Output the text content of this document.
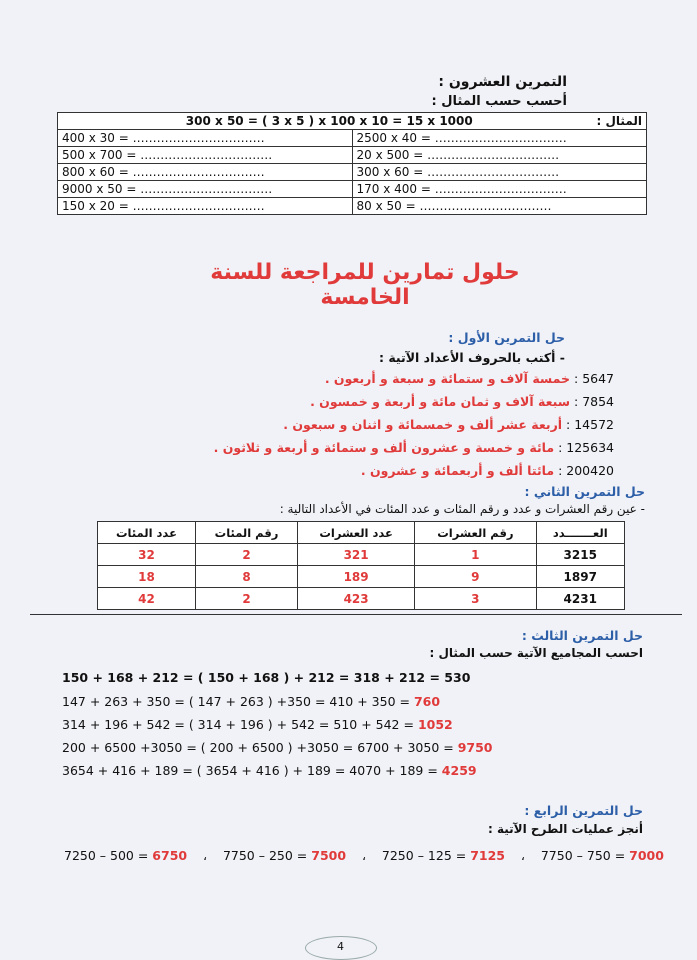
التمرين العشرون :
أحسب حسب المثال :
المثال :
300 x 50 = ( 3 x 5 ) x 100 x 10 = 15 x 1000	
400 x 30 = ……………………………	2500 x 40 = ……………………………
500 x 700 = ……………………………	20 x 500 = ……………………………
800 x 60 = ……………………………	300 x 60 = ……………………………
9000 x 50 = ……………………………	170 x 400 = ……………………………
150 x 20 = ……………………………	80 x 50 = ……………………………
حلول تمارين للمراجعة للسنة الخامسة
حل التمرين الأول :
- أكتب بالحروف الأعداد الآتية :
5647 : خمسة آلاف و ستمائة و سبعة و أربعون .
7854 : سبعة آلاف و ثمان مائة و أربعة و خمسون .
14572 : أربعة عشر ألف و خمسمائة و اثنان و سبعون .
125634 : مائة و خمسة و عشرون ألف و ستمائة و أربعة و ثلاثون .
200420 : مائتا ألف و أربعمائة و عشرون .
حل التمرين الثاني :
- عين رقم العشرات و عدد و رقم المئات و عدد المئات في الأعداد التالية :
العـــــــدد	رقم العشرات	عدد العشرات	رقم المئات	عدد المئات
3215	1	321	2	32
1897	9	189	8	18
4231	3	423	2	42
حل التمرين الثالث :
احسب المجاميع الآتية حسب المثال :
150 + 168 + 212 = ( 150 + 168 ) + 212 = 318 + 212 = 530
147 + 263 + 350 = ( 147 + 263 ) +350 = 410 + 350 = 760
314 + 196 + 542 = ( 314 + 196 ) + 542 = 510 + 542 = 1052
200 + 6500 +3050 = ( 200 + 6500 ) +3050 = 6700 + 3050 = 9750
3654 + 416 + 189 = ( 3654 + 416 ) + 189 = 4070 + 189 = 4259
حل التمرين الرابع :
أنجز عمليات الطرح الآتية :
7250 – 500 = 6750 ، 7750 – 250 = 7500 ، 7250 – 125 = 7125 ، 7750 – 750 = 7000
4
